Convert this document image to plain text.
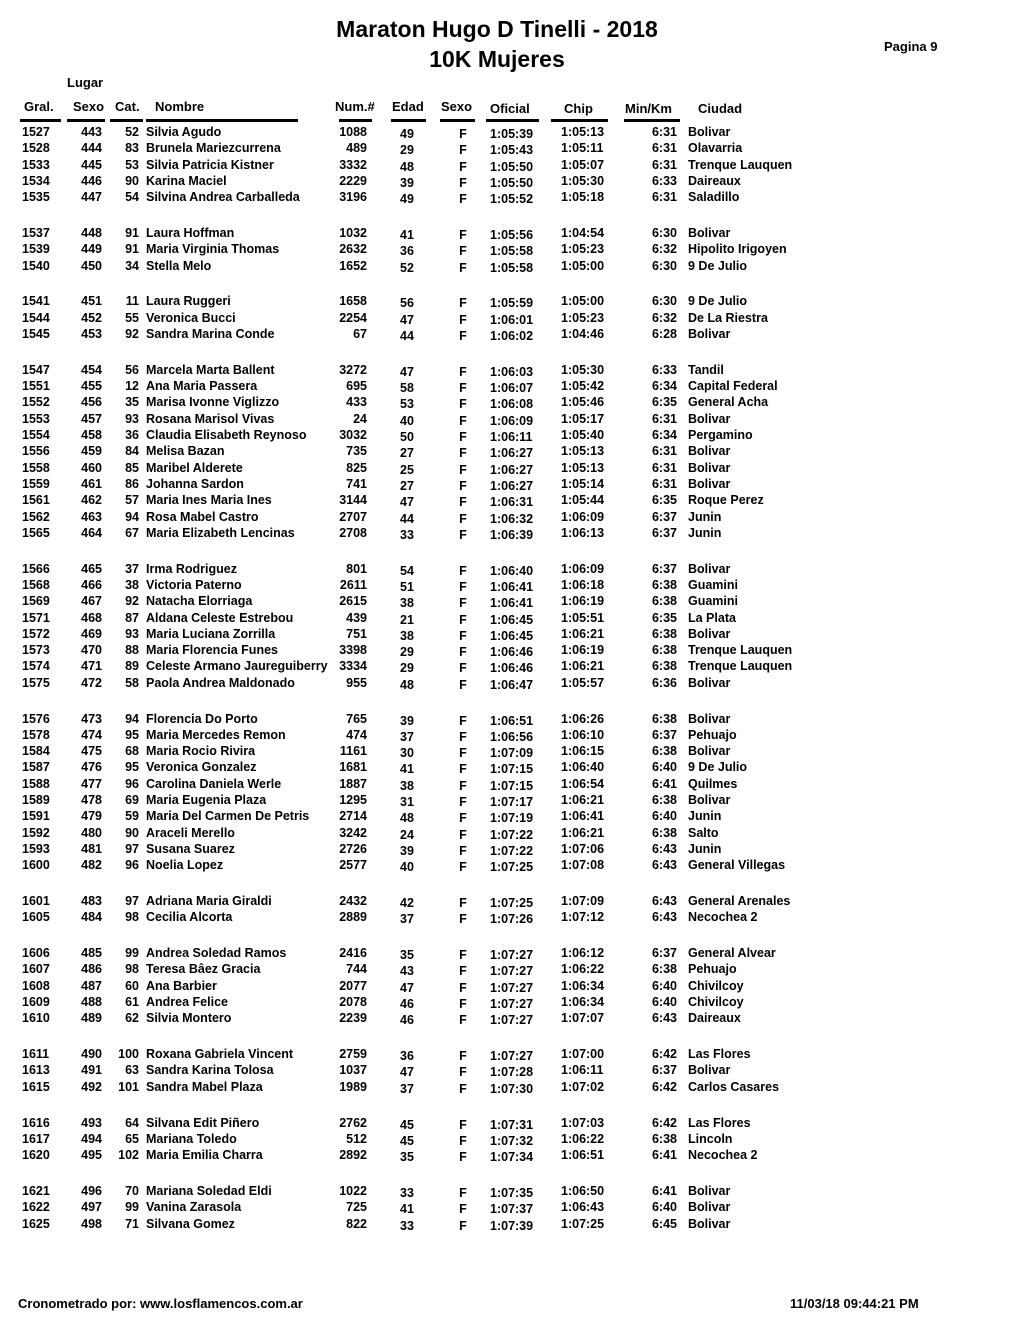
Maraton Hugo D Tinelli - 2018
10K Mujeres	Pagina 9
Lugar
Gral. Sexo Cat. Nombre	Num.# Edad Sexo Oficial	Chip Min/Km Ciudad
1527	443	52 Silvia Agudo	1088	49	F	1:05:39	1:05:13	6:31 Bolivar
1528	444	83 Brunela Mariezcurrena	489	29	F	1:05:43	1:05:11	6:31 Olavarria
1533	445	53 Silvia Patricia Kistner	3332	48	F	1:05:50	1:05:07	6:31 Trenque Lauquen
1534	446	90 Karina Maciel	2229	39	F	1:05:50	1:05:30	6:33 Daireaux
1535	447	54 Silvina Andrea Carballeda	3196	49	F	1:05:52	1:05:18	6:31 Saladillo
1537	448	91 Laura Hoffman	1032	41	F	1:05:56	1:04:54	6:30 Bolivar
1539	449	91 Maria Virginia Thomas	2632	36	F	1:05:58	1:05:23	6:32 Hipolito Irigoyen
1540	450	34 Stella Melo	1652	52	F	1:05:58	1:05:00	6:30 9 De Julio
1541	451	11 Laura Ruggeri	1658	56	F	1:05:59	1:05:00	6:30 9 De Julio
1544	452	55 Veronica Bucci	2254	47	F	1:06:01	1:05:23	6:32 De La Riestra
1545	453	92 Sandra Marina Conde	67	44	F	1:06:02	1:04:46	6:28 Bolivar
1547	454	56 Marcela Marta Ballent	3272	47	F	1:06:03	1:05:30	6:33 Tandil
1551	455	12 Ana Maria Passera	695	58	F	1:06:07	1:05:42	6:34 Capital Federal
1552	456	35 Marisa Ivonne Viglizzo	433	53	F	1:06:08	1:05:46	6:35 General Acha
1553	457	93 Rosana Marisol Vivas	24	40	F	1:06:09	1:05:17	6:31 Bolivar
1554	458	36 Claudia Elisabeth Reynoso	3032	50	F	1:06:11	1:05:40	6:34 Pergamino
1556	459	84 Melisa Bazan	735	27	F	1:06:27	1:05:13	6:31 Bolivar
1558	460	85 Maribel Alderete	825	25	F	1:06:27	1:05:13	6:31 Bolivar
1559	461	86 Johanna Sardon	741	27	F	1:06:27	1:05:14	6:31 Bolivar
1561	462	57 Maria Ines Maria Ines	3144	47	F	1:06:31	1:05:44	6:35 Roque Perez
1562	463	94 Rosa Mabel Castro	2707	44	F	1:06:32	1:06:09	6:37 Junin
1565	464	67 Maria Elizabeth Lencinas	2708	33	F	1:06:39	1:06:13	6:37 Junin
1566	465	37 Irma Rodriguez	801	54	F	1:06:40	1:06:09	6:37 Bolivar
1568	466	38 Victoria Paterno	2611	51	F	1:06:41	1:06:18	6:38 Guamini
1569	467	92 Natacha Elorriaga	2615	38	F	1:06:41	1:06:19	6:38 Guamini
1571	468	87 Aldana Celeste Estrebou	439	21	F	1:06:45	1:05:51	6:35 La Plata
1572	469	93 Maria Luciana Zorrilla	751	38	F	1:06:45	1:06:21	6:38 Bolivar
1573	470	88 Maria Florencia Funes	3398	29	F	1:06:46	1:06:19	6:38 Trenque Lauquen
1574	471	89 Celeste Armano Jaureguiberry 3334	29	F	1:06:46	1:06:21	6:38 Trenque Lauquen
1575	472	58 Paola Andrea Maldonado	955	48	F	1:06:47	1:05:57	6:36 Bolivar
1576	473	94 Florencia Do Porto	765	39	F	1:06:51	1:06:26	6:38 Bolivar
1578	474	95 Maria Mercedes Remon	474	37	F	1:06:56	1:06:10	6:37 Pehuajo
1584	475	68 Maria Rocio Rivira	1161	30	F	1:07:09	1:06:15	6:38 Bolivar
1587	476	95 Veronica Gonzalez	1681	41	F	1:07:15	1:06:40	6:40 9 De Julio
1588	477	96 Carolina Daniela Werle	1887	38	F	1:07:15	1:06:54	6:41 Quilmes
1589	478	69 Maria Eugenia Plaza	1295	31	F	1:07:17	1:06:21	6:38 Bolivar
1591	479	59 Maria Del Carmen De Petris	2714	48	F	1:07:19	1:06:41	6:40 Junin
1592	480	90 Araceli Merello	3242	24	F	1:07:22	1:06:21	6:38 Salto
1593	481	97 Susana Suarez	2726	39	F	1:07:22	1:07:06	6:43 Junin
1600	482	96 Noelia Lopez	2577	40	F	1:07:25	1:07:08	6:43 General Villegas
1601	483	97 Adriana Maria Giraldi	2432	42	F	1:07:25	1:07:09	6:43 General Arenales
1605	484	98 Cecilia Alcorta	2889	37	F	1:07:26	1:07:12	6:43 Necochea 2
1606	485	99 Andrea Soledad Ramos	2416	35	F	1:07:27	1:06:12	6:37 General Alvear
1607	486	98 Teresa Bâez Gracia	744	43	F	1:07:27	1:06:22	6:38 Pehuajo
1608	487	60 Ana Barbier	2077	47	F	1:07:27	1:06:34	6:40 Chivilcoy
1609	488	61 Andrea Felice	2078	46	F	1:07:27	1:06:34	6:40 Chivilcoy
1610	489	62 Silvia Montero	2239	46	F	1:07:27	1:07:07	6:43 Daireaux
1611	490	100 Roxana Gabriela Vincent	2759	36	F	1:07:27	1:07:00	6:42 Las Flores
1613	491	63 Sandra Karina Tolosa	1037	47	F	1:07:28	1:06:11	6:37 Bolivar
1615	492	101 Sandra Mabel Plaza	1989	37	F	1:07:30	1:07:02	6:42 Carlos Casares
1616	493	64 Silvana Edit Piñero	2762	45	F	1:07:31	1:07:03	6:42 Las Flores
1617	494	65 Mariana Toledo	512	45	F	1:07:32	1:06:22	6:38 Lincoln
1620	495	102 Maria Emilia Charra	2892	35	F	1:07:34	1:06:51	6:41 Necochea 2
1621	496	70 Mariana Soledad Eldi	1022	33	F	1:07:35	1:06:50	6:41 Bolivar
1622	497	99 Vanina Zarasola	725	41	F	1:07:37	1:06:43	6:40 Bolivar
1625	498	71 Silvana Gomez	822	33	F	1:07:39	1:07:25	6:45 Bolivar
Cronometrado por: www.losflamencos.com.ar	11/03/18 09:44:21 PM
